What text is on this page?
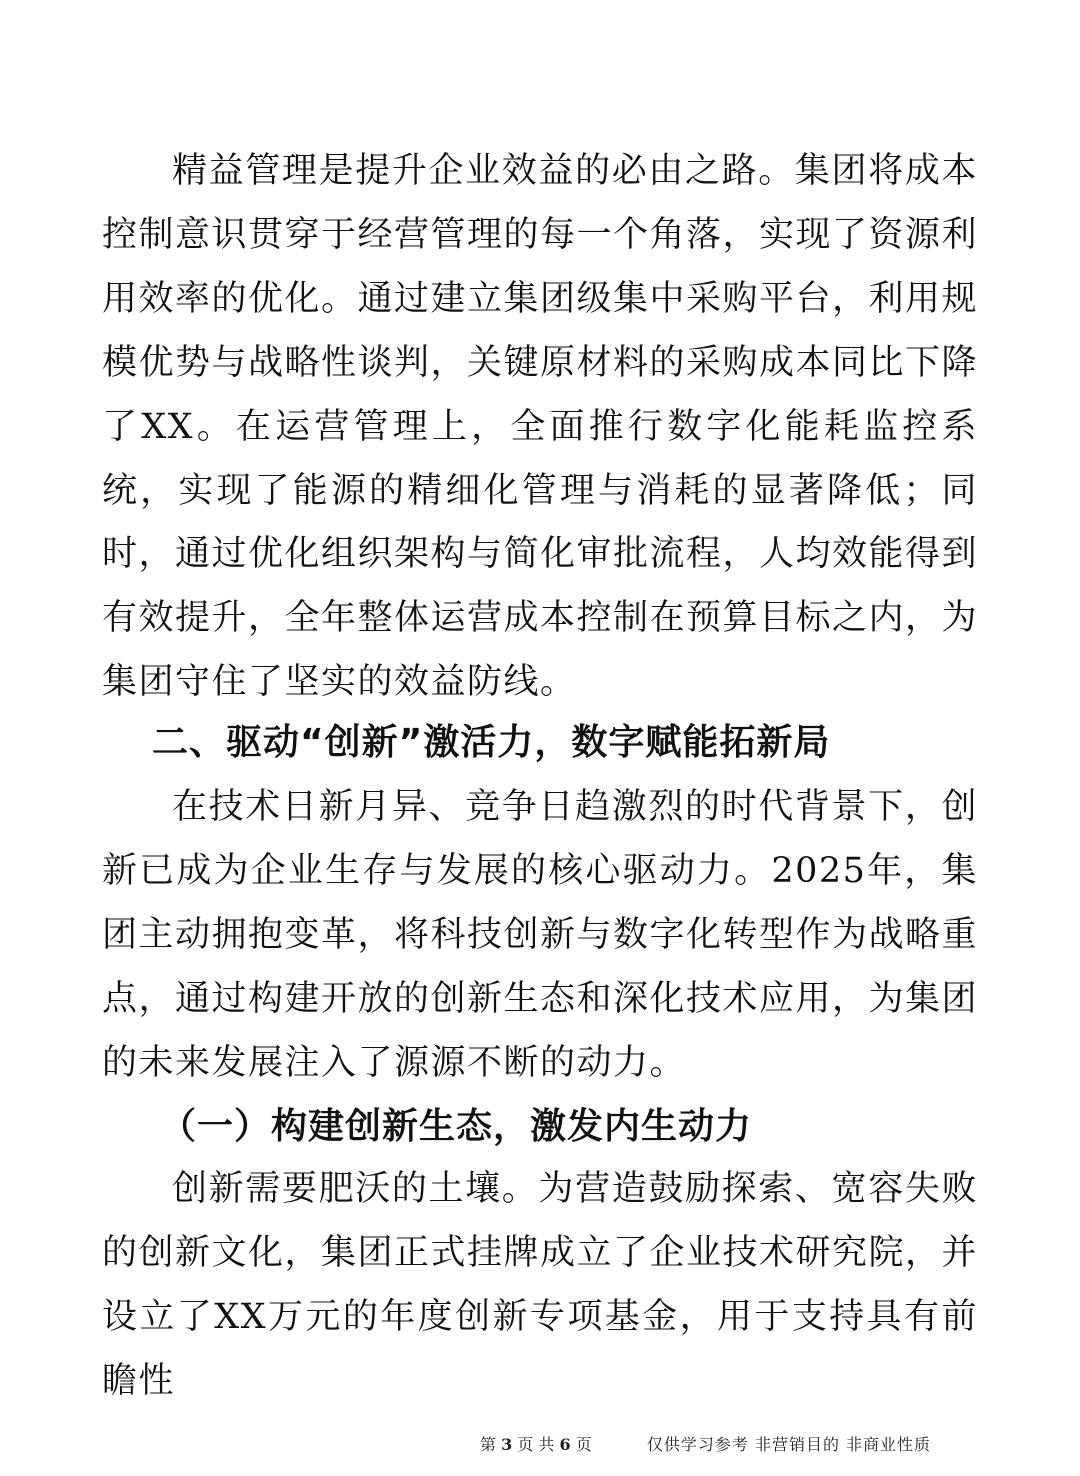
精益管理是提升企业效益的必由之路。集团将成本控制意识贯穿于经营管理的每一个角落，实现了资源利用效率的优化。通过建立集团级集中采购平台，利用规模优势与战略性谈判，关键原材料的采购成本同比下降了XX。在运营管理上，全面推行数字化能耗监控系统，实现了能源的精细化管理与消耗的显著降低；同时，通过优化组织架构与简化审批流程，人均效能得到有效提升，全年整体运营成本控制在预算目标之内，为集团守住了坚实的效益防线。

二、驱动“创新”激活力，数字赋能拓新局

在技术日新月异、竞争日趋激烈的时代背景下，创新已成为企业生存与发展的核心驱动力。2025年，集团主动拥抱变革，将科技创新与数字化转型作为战略重点，通过构建开放的创新生态和深化技术应用，为集团的未来发展注入了源源不断的动力。

（一）构建创新生态，激发内生动力

创新需要肥沃的土壤。为营造鼓励探索、宽容失败的创新文化，集团正式挂牌成立了企业技术研究院，并设立了XX万元的年度创新专项基金，用于支持具有前瞻性

第 3 页 共 6 页	仅供学习参考 非营销目的 非商业性质
